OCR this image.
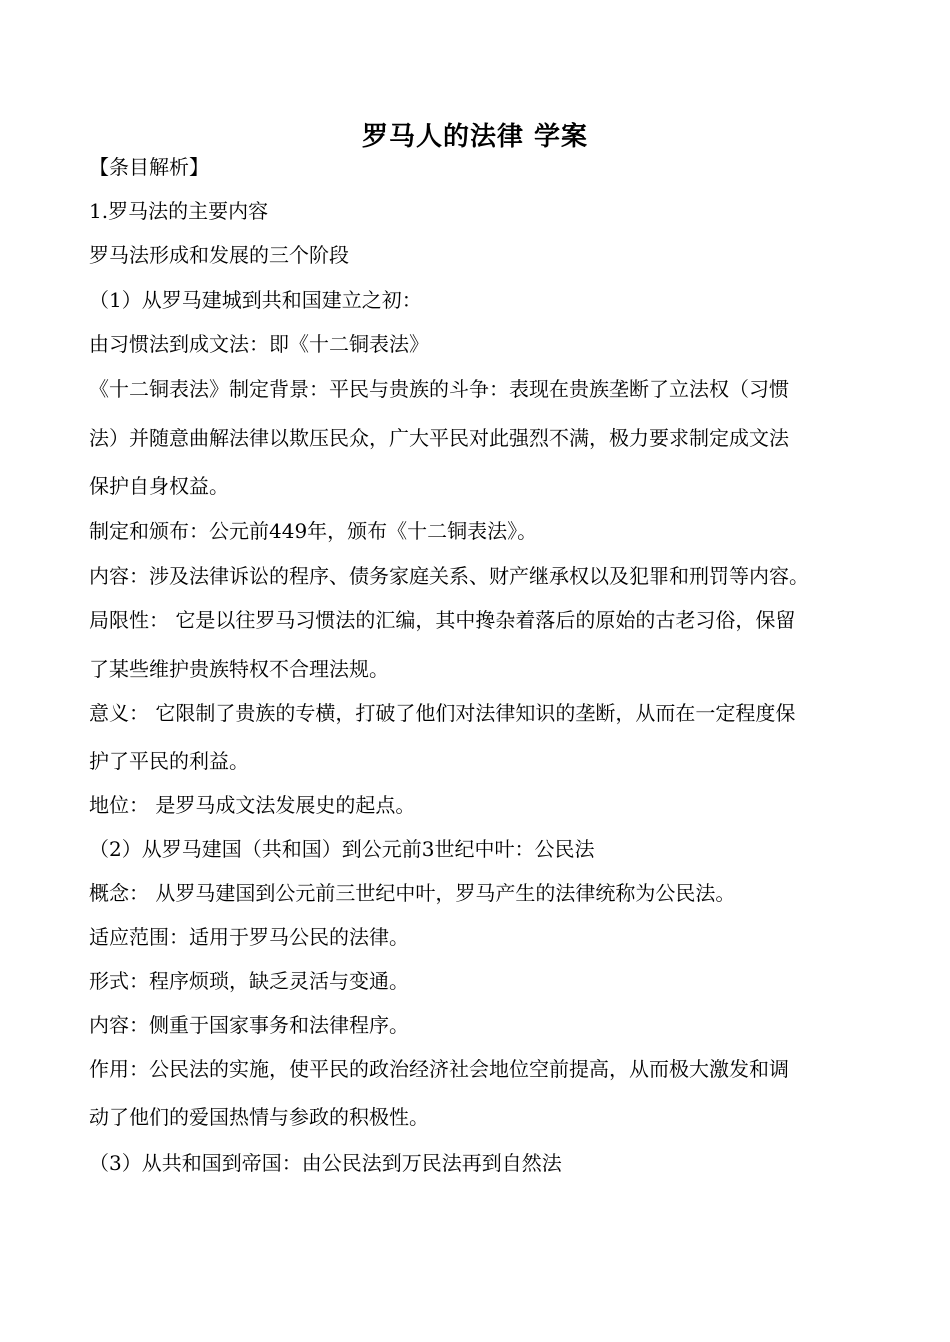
罗马人的法律 学案
【条目解析】
1.罗马法的主要内容
罗马法形成和发展的三个阶段
（1）从罗马建城到共和国建立之初：
由习惯法到成文法：即《十二铜表法》
《十二铜表法》制定背景：平民与贵族的斗争：表现在贵族垄断了立法权（习惯
法）并随意曲解法律以欺压民众，广大平民对此强烈不满，极力要求制定成文法
保护自身权益。
制定和颁布：公元前449年，颁布《十二铜表法》。
内容：涉及法律诉讼的程序、债务家庭关系、财产继承权以及犯罪和刑罚等内容。
局限性： 它是以往罗马习惯法的汇编，其中搀杂着落后的原始的古老习俗，保留
了某些维护贵族特权不合理法规。
意义： 它限制了贵族的专横，打破了他们对法律知识的垄断，从而在一定程度保
护了平民的利益。
地位： 是罗马成文法发展史的起点。
（2）从罗马建国（共和国）到公元前3世纪中叶：公民法
概念： 从罗马建国到公元前三世纪中叶，罗马产生的法律统称为公民法。
适应范围：适用于罗马公民的法律。
形式：程序烦琐，缺乏灵活与变通。
内容：侧重于国家事务和法律程序。
作用：公民法的实施，使平民的政治经济社会地位空前提高，从而极大激发和调
动了他们的爱国热情与参政的积极性。
（3）从共和国到帝国：由公民法到万民法再到自然法
